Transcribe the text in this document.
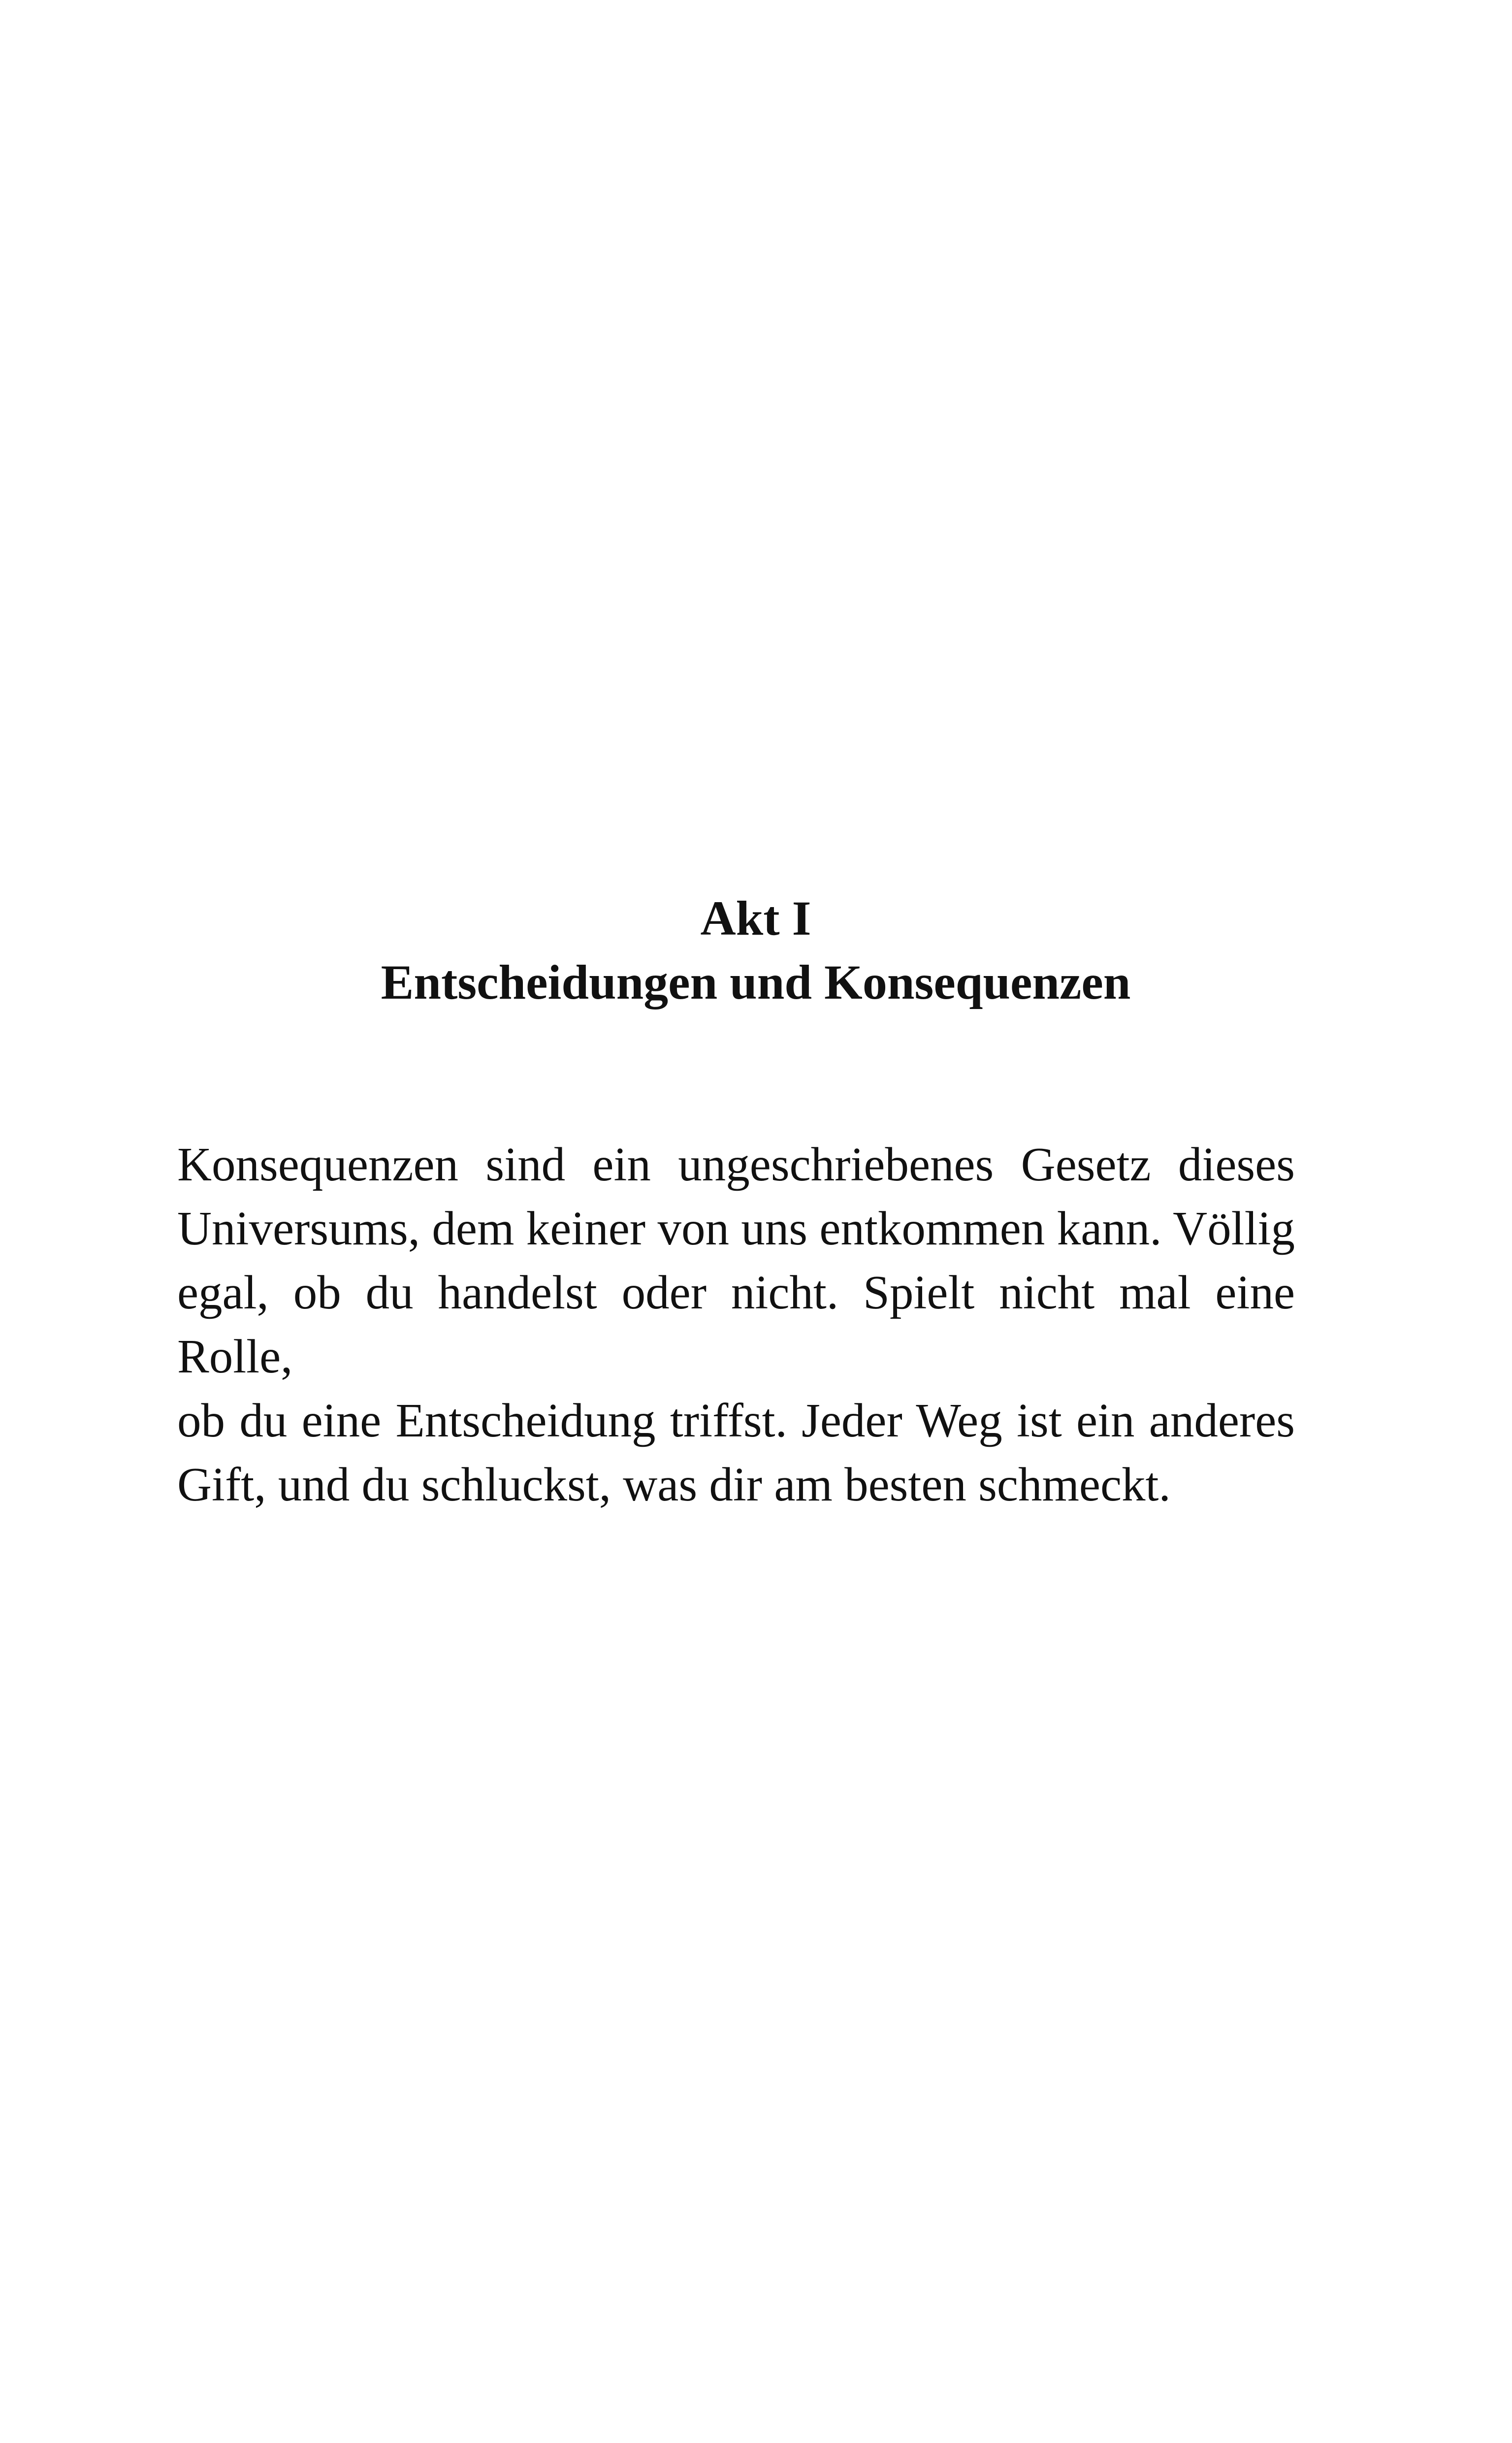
Akt I

Entscheidungen und Konsequenzen

Konsequenzen sind ein ungeschriebenes Gesetz dieses
Universums, dem keiner von uns entkommen kann. Völlig
egal, ob du handelst oder nicht. Spielt nicht mal eine Rolle,
ob du eine Entscheidung triffst. Jeder Weg ist ein anderes
Gift, und du schluckst, was dir am besten schmeckt.
